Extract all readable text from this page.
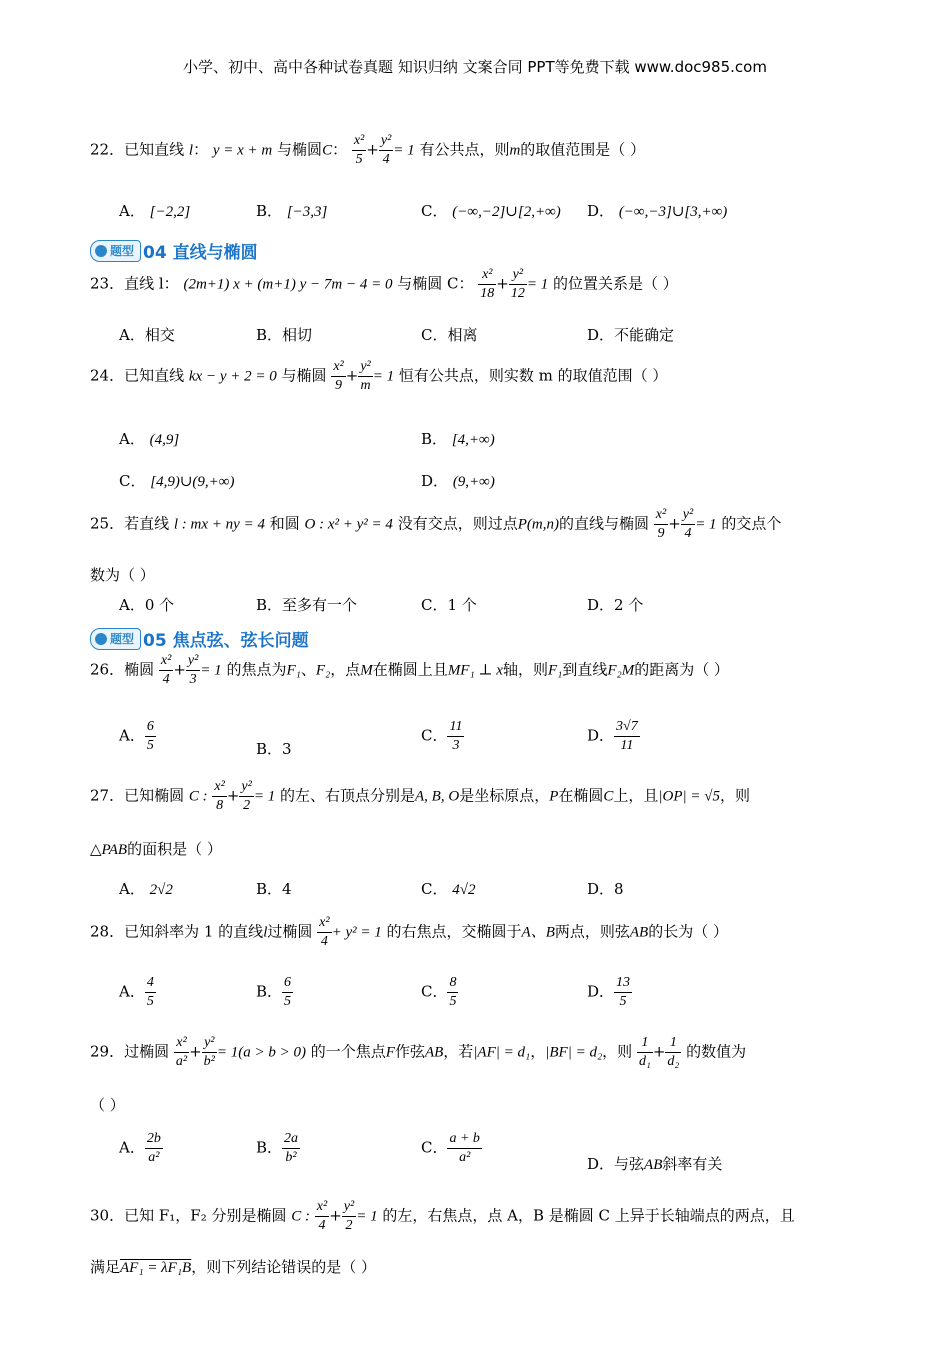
小学、初中、高中各种试卷真题 知识归纳 文案合同 PPT等免费下载 www.doc985.com
22．已知直线 l： y = x + m 与椭圆C： $\frac{\text{x²}}{5} + \frac{\text{y²}}{4} = 1$ 有公共点，则m的取值范围是（ ）
A． [−2,2]	B． [−3,3]	C． (−∞,−2]∪[2,+∞) D． (−∞,−3]∪[3,+∞)
题型 04 直线与椭圆
23．直线 l： (2m+1) x + (m+1) y − 7m − 4 = 0 与椭圆 C： $\frac{\text{x²}}{18} + \frac{\text{y²}}{12} = 1$ 的位置关系是（ ）
A．相交	B．相切	C．相离	D．不能确定
24．已知直线 kx − y + 2 = 0 与椭圆 $\frac{\text{x²}}{9} + \frac{\text{y²}}{m} = 1$ 恒有公共点，则实数 m 的取值范围（ ）
A． (4,9]	B． [4,+∞)
C． [4,9)∪(9,+∞)	D． (9,+∞)
25．若直线 l : mx + ny = 4 和圆 O : x² + y² = 4 没有交点，则过点P(m,n)的直线与椭圆 $\frac{\text{x²}}{9} + \frac{\text{y²}}{4} = 1$ 的交点个
数为（ ）
A．0 个	B．至多有一个	C．1 个	D．2 个
题型 05 焦点弦、弦长问题
26．椭圆 $\frac{\text{x²}}{4} + \frac{\text{y²}}{3} = 1$ 的焦点为F₁、F₂，点M在椭圆上且MF₁ ⊥ x轴，则F₁到直线F₂M的距离为（ ）
A． $\frac{6}{5}$	B．3
C． $\frac{11}{3}$	D． $\frac{3√7}{11}$
27．已知椭圆 C : $\frac{\text{x²}}{8} + \frac{\text{y²}}{2} = 1$ 的左、右顶点分别是A, B, O是坐标原点，P在椭圆C上，且|OP| = √5，则
△PAB的面积是（ ）
A． 2√2	B．4	C． 4√2	D．8
28．已知斜率为 1 的直线l过椭圆 $\frac{\text{x²}}{4} + y^2 = 1$ 的右焦点，交椭圆于A、B两点，则弦AB的长为（ ）
A． $\frac{4}{5}$	B． $\frac{6}{5}$	C． $\frac{8}{5}$	D． $\frac{13}{5}$
29．过椭圆 $\frac{\text{x²}}{\text{a²}} + \frac{\text{y²}}{\text{b²}} = 1(a > b > 0)$ 的一个焦点F作弦AB，若|AF| = d₁，|BF| = d₂，则 $\frac{1}{\text{d₁}} + \frac{1}{\text{d₂}}$ 的数值为
（ ）
A． $\frac{2b}{\text{a²}}$	B． $\frac{2a}{\text{b²}}$	C． $\frac{a + b}{\text{a²}}$	D．与弦AB斜率有关
30．已知 F₁，F₂ 分别是椭圆 C : $\frac{\text{x²}}{4} + \frac{\text{y²}}{2} = 1$ 的左，右焦点，点 A，B 是椭圆 C 上异于长轴端点的两点，且
满足AF₁ = λF₁B，则下列结论错误的是（ ）
